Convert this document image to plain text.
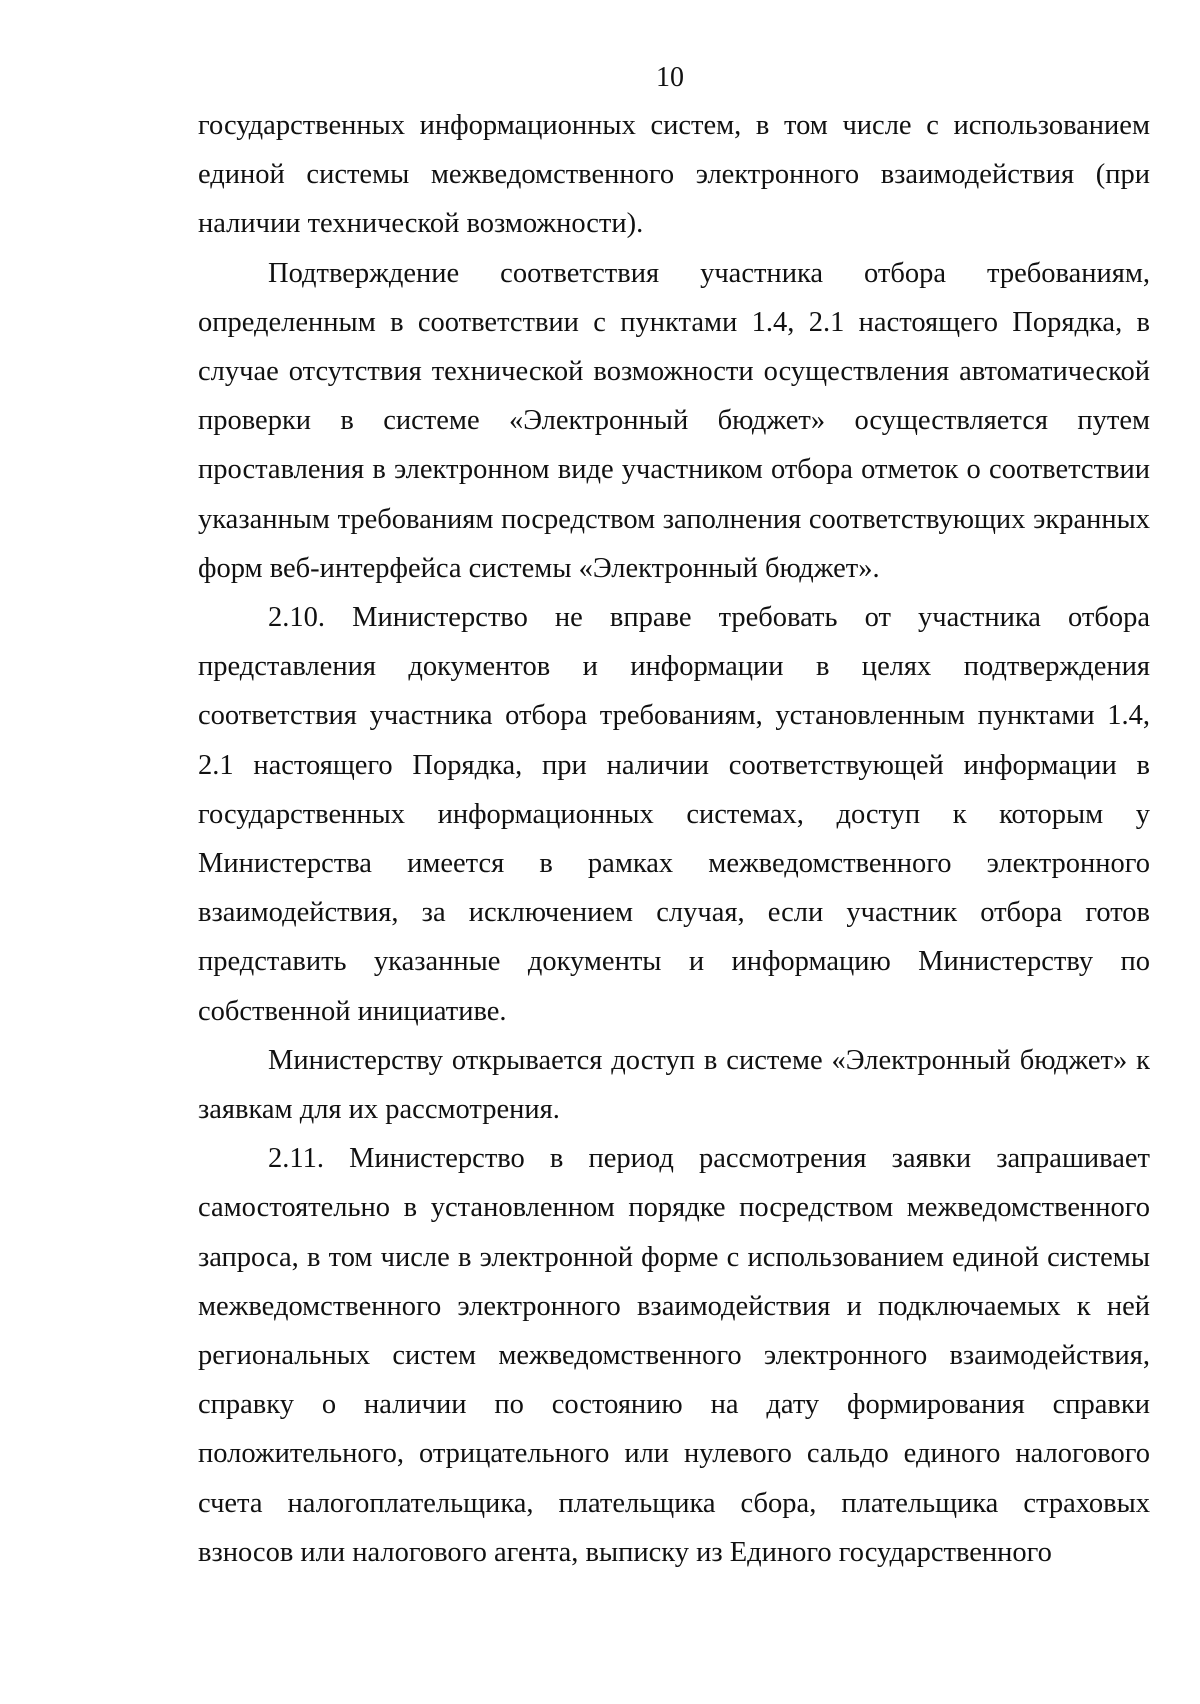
10

государственных информационных систем, в том числе с использованием единой системы межведомственного электронного взаимодействия (при наличии технической возможности).

Подтверждение соответствия участника отбора требованиям, определенным в соответствии с пунктами 1.4, 2.1 настоящего Порядка, в случае отсутствия технической возможности осуществления автоматической проверки в системе «Электронный бюджет» осуществляется путем проставления в электронном виде участником отбора отметок о соответствии указанным требованиям посредством заполнения соответствующих экранных форм веб-интерфейса системы «Электронный бюджет».

2.10. Министерство не вправе требовать от участника отбора представления документов и информации в целях подтверждения соответствия участника отбора требованиям, установленным пунктами 1.4, 2.1 настоящего Порядка, при наличии соответствующей информации в государственных информационных системах, доступ к которым у Министерства имеется в рамках межведомственного электронного взаимодействия, за исключением случая, если участник отбора готов представить указанные документы и информацию Министерству по собственной инициативе.

Министерству открывается доступ в системе «Электронный бюджет» к заявкам для их рассмотрения.

2.11. Министерство в период рассмотрения заявки запрашивает самостоятельно в установленном порядке посредством межведомственного запроса, в том числе в электронной форме с использованием единой системы межведомственного электронного взаимодействия и подключаемых к ней региональных систем межведомственного электронного взаимодействия, справку о наличии по состоянию на дату формирования справки положительного, отрицательного или нулевого сальдо единого налогового счета налогоплательщика, плательщика сбора, плательщика страховых взносов или налогового агента, выписку из Единого государственного
